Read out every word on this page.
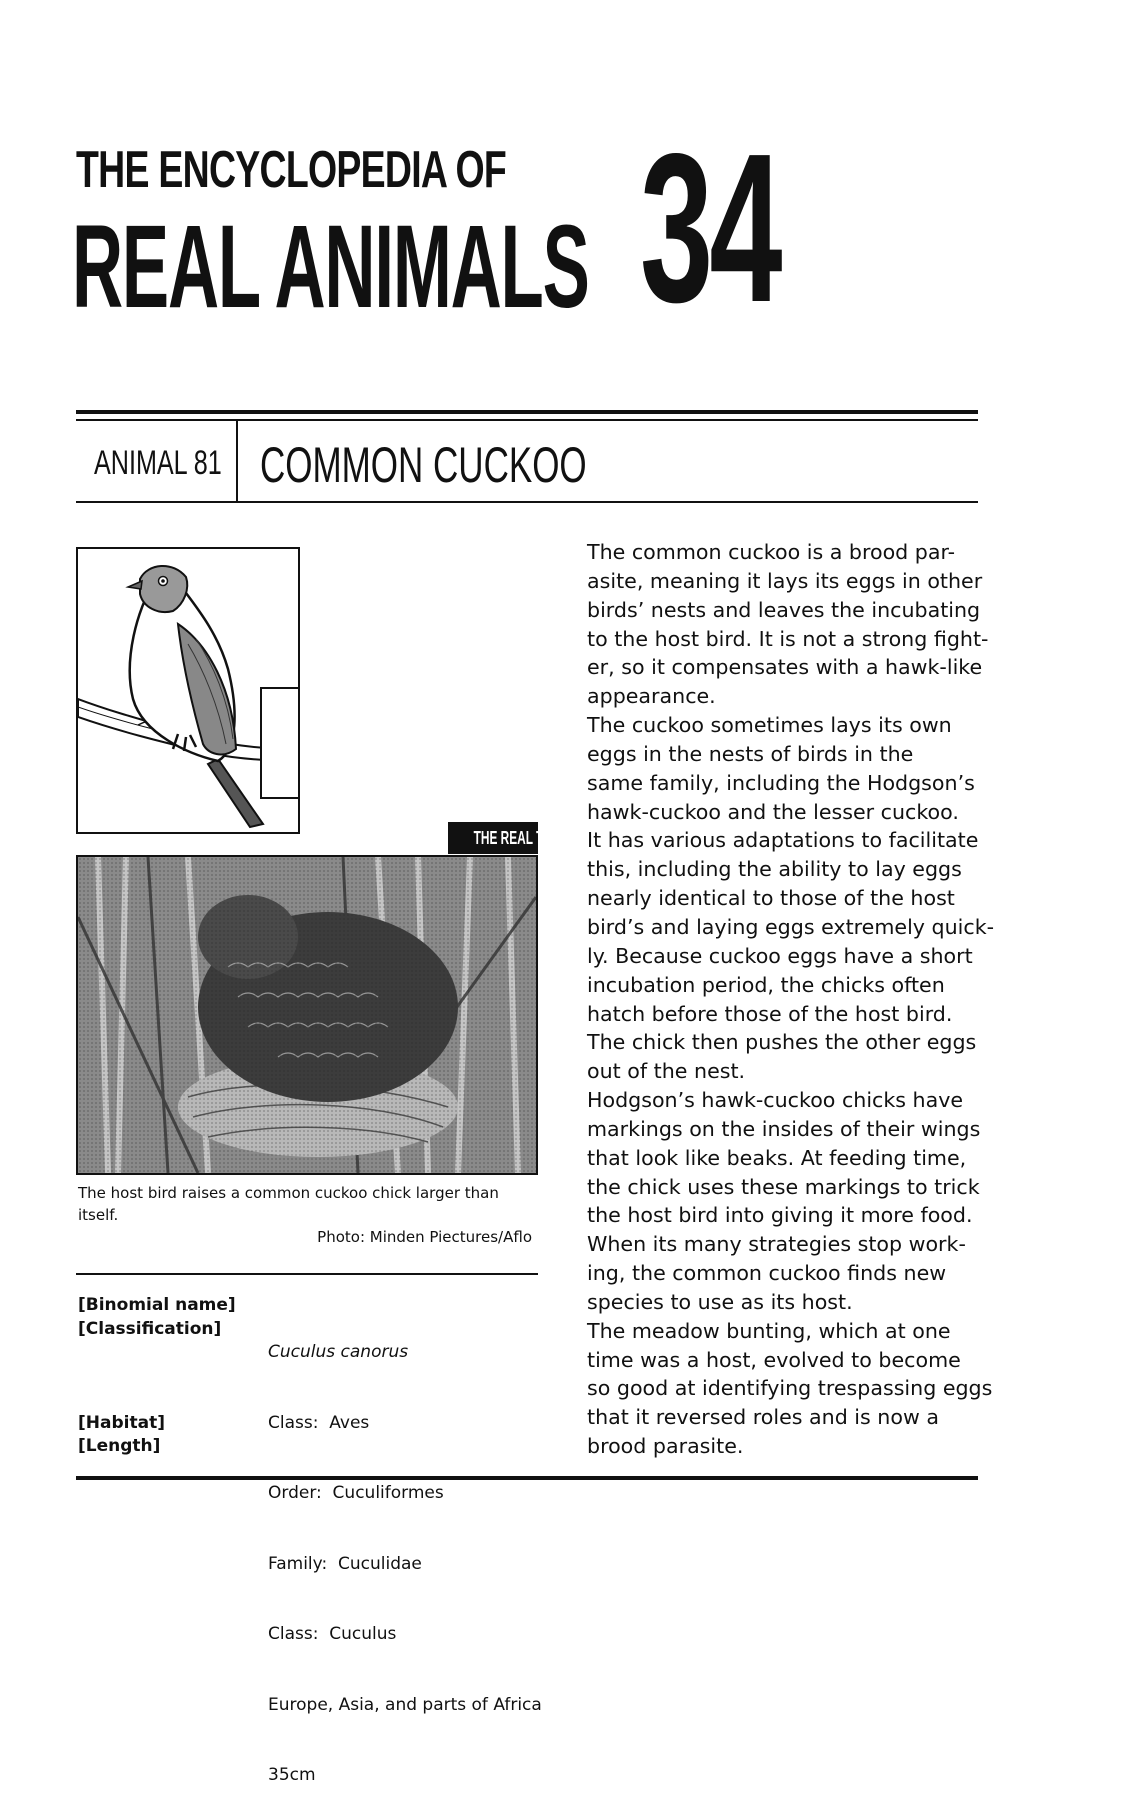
THE ENCYCLOPEDIA OF
REAL ANIMALS 34
ANIMAL 81 COMMON CUCKOO
THE REAL THING
The host bird raises a common cuckoo chick larger than itself.
Photo: Minden Piectures/Aflo
[Binomial name]
[Classification]
[Habitat]
[Length]

Cuculus canorus

Class:  Aves

Order:  Cuculiformes

Family:  Cuculidae

Class:  Cuculus

Europe, Asia, and parts of Africa

35cm

The common cuckoo is a brood par-

asite, meaning it lays its eggs in other

birds’ nests and leaves the incubating

to the host bird. It is not a strong fight-

er, so it compensates with a hawk-like

appearance.

The cuckoo sometimes lays its own

eggs in the nests of birds in the

same family, including the Hodgson’s

hawk-cuckoo and the lesser cuckoo.

It has various adaptations to facilitate

this, including the ability to lay eggs

nearly identical to those of the host

bird’s and laying eggs extremely quick-

ly. Because cuckoo eggs have a short

incubation period, the chicks often

hatch before those of the host bird.

The chick then pushes the other eggs

out of the nest.

Hodgson’s hawk-cuckoo chicks have

markings on the insides of their wings

that look like beaks. At feeding time,

the chick uses these markings to trick

the host bird into giving it more food.

When its many strategies stop work-

ing, the common cuckoo finds new

species to use as its host.

The meadow bunting, which at one

time was a host, evolved to become

so good at identifying trespassing eggs

that it reversed roles and is now a

brood parasite.
